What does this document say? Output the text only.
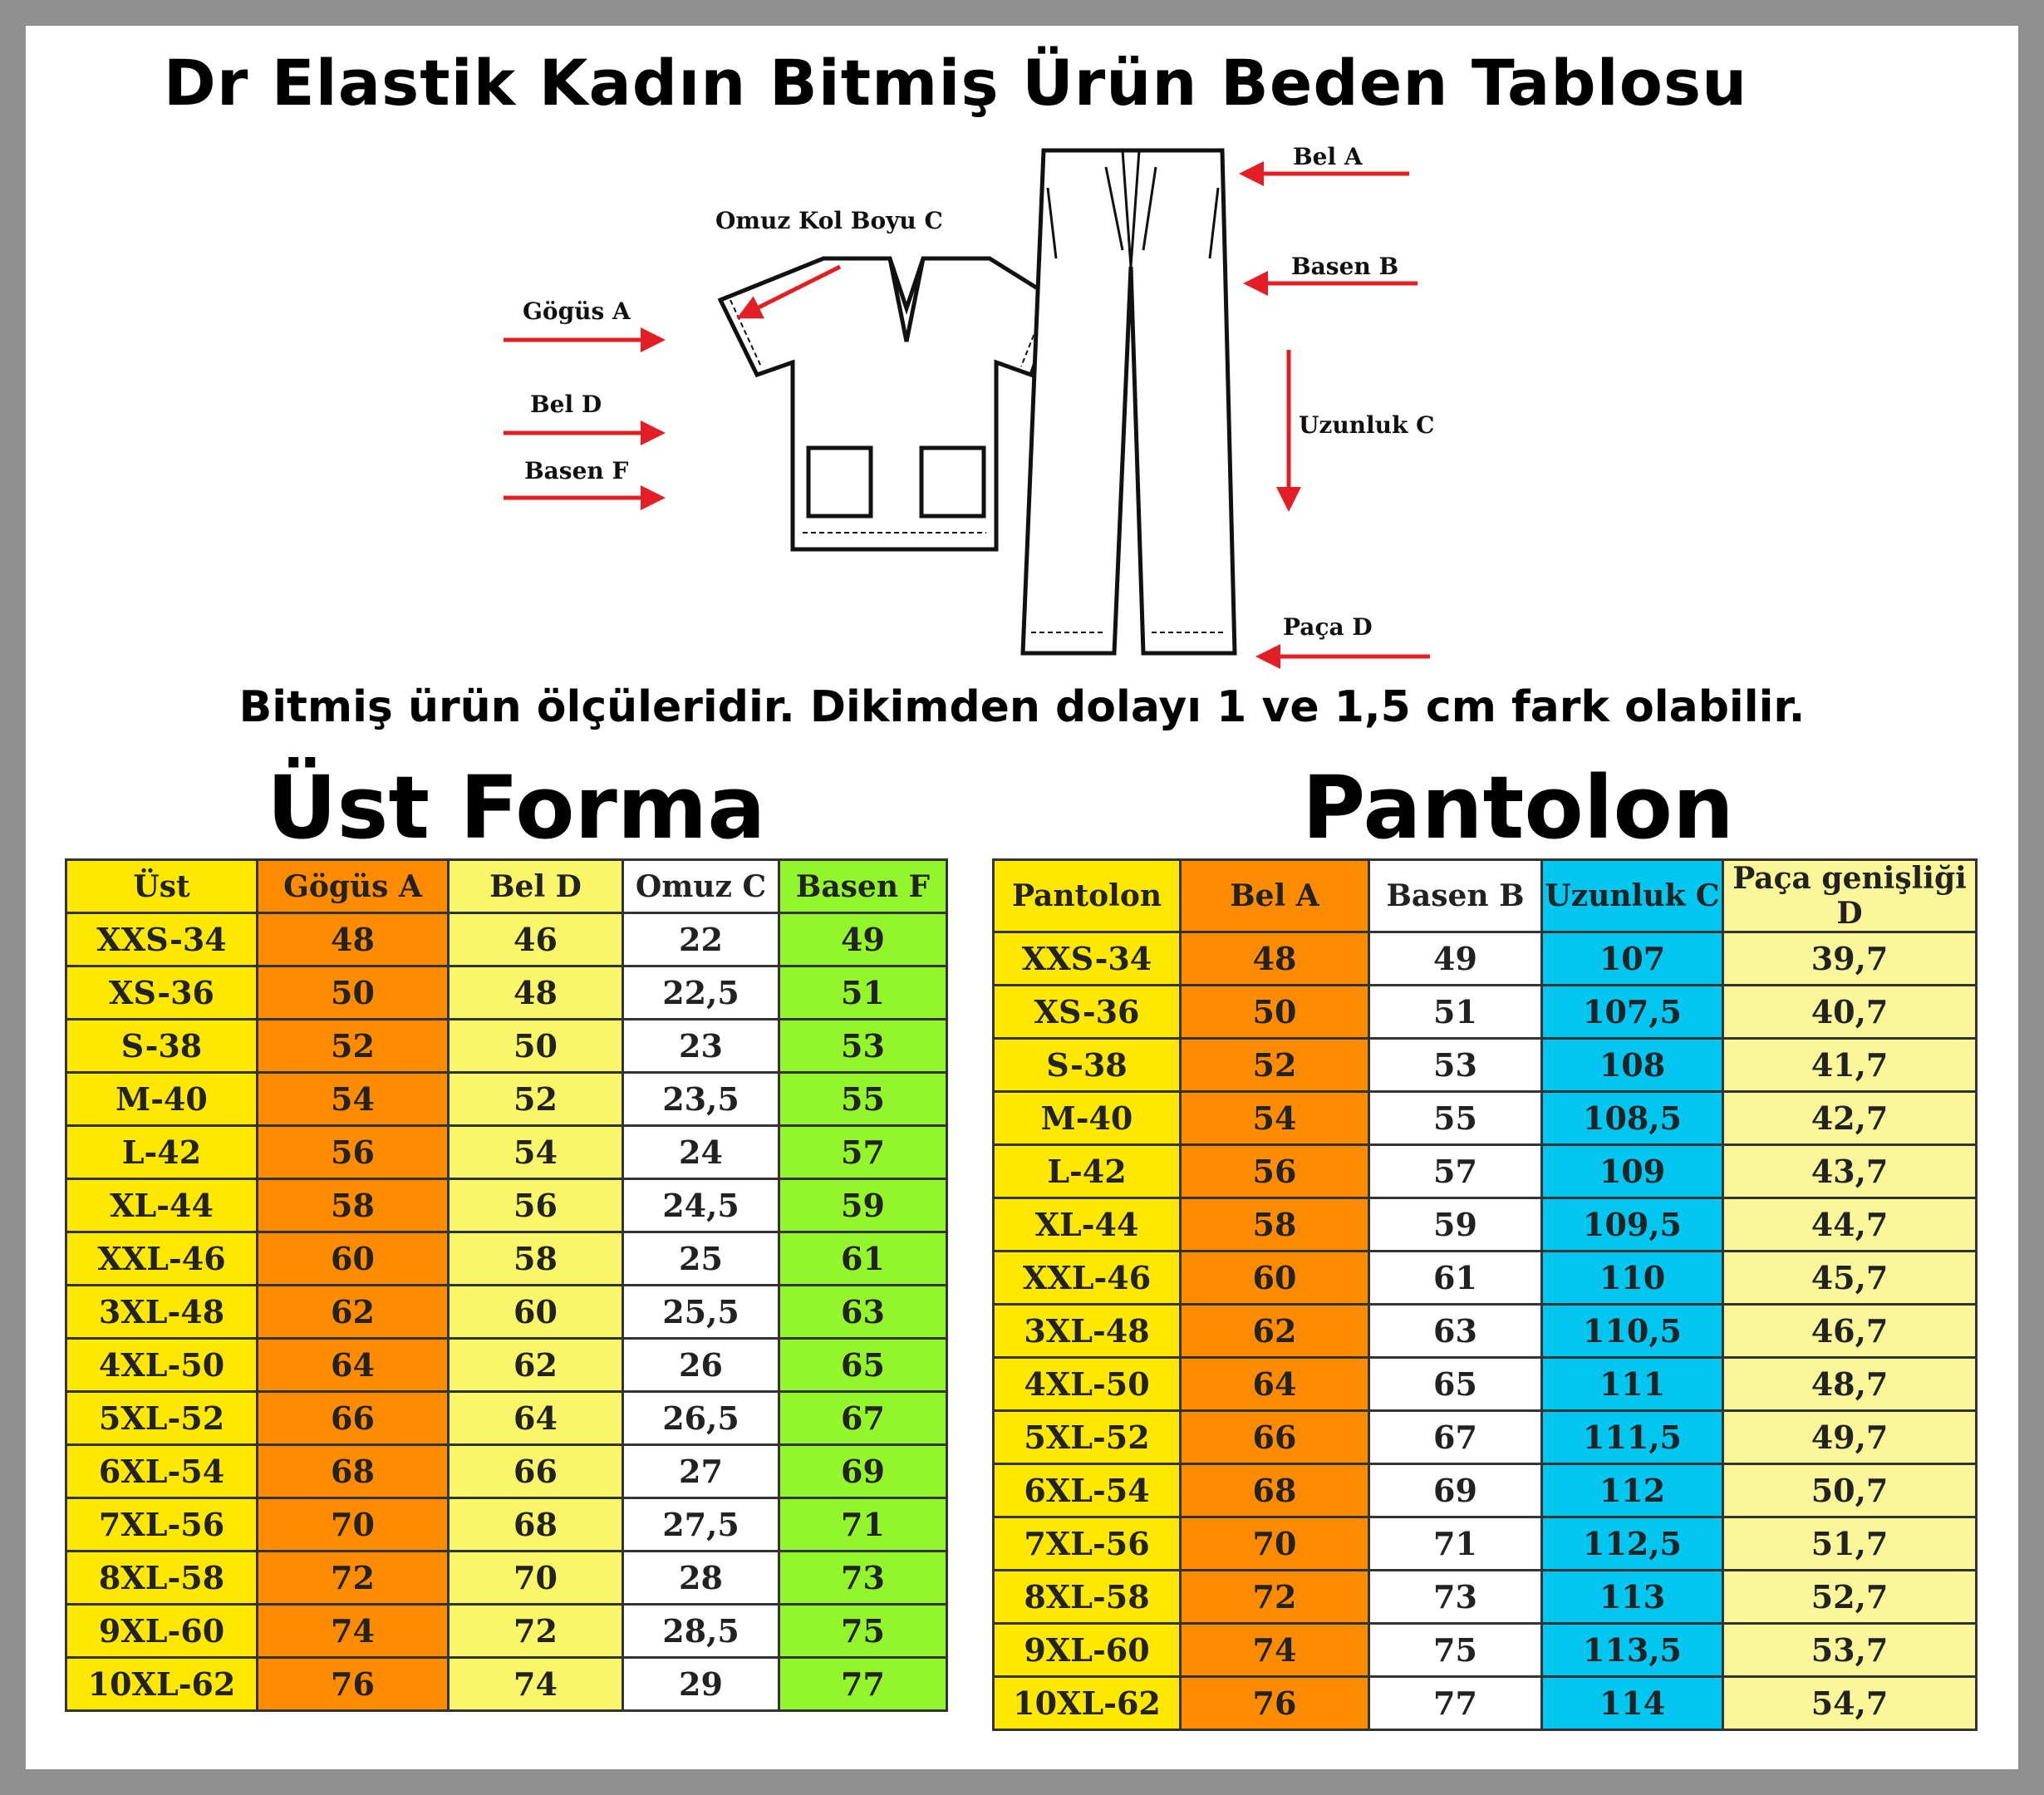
Dr Elastik Kadın Bitmiş Ürün Beden Tablosu
Omuz Kol Boyu C
Gögüs A
Bel D
Basen F
Bel A
Basen B
Uzunluk C
Paça D
Bitmiş ürün ölçüleridir. Dikimden dolayı 1 ve 1,5 cm fark olabilir.
Üst Forma	Pantolon
Üst	Gögüs A	Bel D	Omuz C	Basen F
XXS-34	48	46	22	49
XS-36	50	48	22,5	51
S-38	52	50	23	53
M-40	54	52	23,5	55
L-42	56	54	24	57
XL-44	58	56	24,5	59
XXL-46	60	58	25	61
3XL-48	62	60	25,5	63
4XL-50	64	62	26	65
5XL-52	66	64	26,5	67
6XL-54	68	66	27	69
7XL-56	70	68	27,5	71
8XL-58	72	70	28	73
9XL-60	74	72	28,5	75
10XL-62	76	74	29	77
Pantolon	Bel A	Basen B	Uzunluk C	Paça genişliği D
XXS-34	48	49	107	39,7
XS-36	50	51	107,5	40,7
S-38	52	53	108	41,7
M-40	54	55	108,5	42,7
L-42	56	57	109	43,7
XL-44	58	59	109,5	44,7
XXL-46	60	61	110	45,7
3XL-48	62	63	110,5	46,7
4XL-50	64	65	111	48,7
5XL-52	66	67	111,5	49,7
6XL-54	68	69	112	50,7
7XL-56	70	71	112,5	51,7
8XL-58	72	73	113	52,7
9XL-60	74	75	113,5	53,7
10XL-62	76	77	114	54,7
